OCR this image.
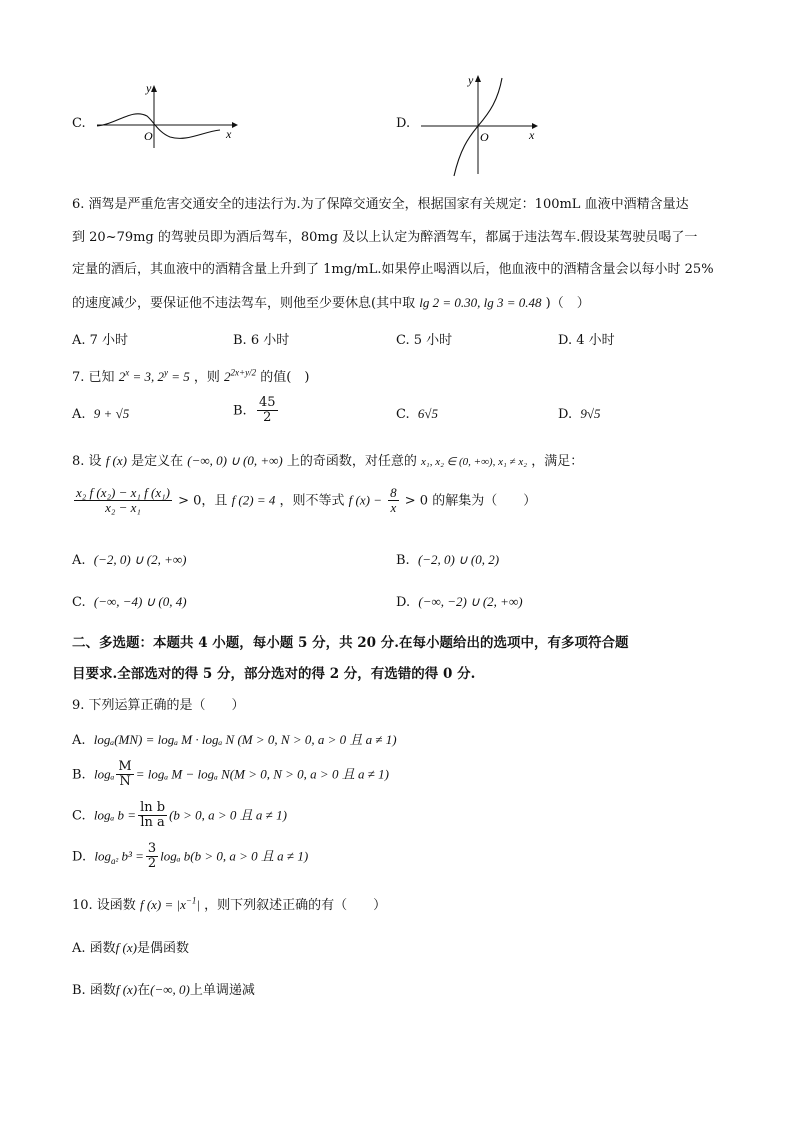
C.
y
O	x
D.
y
O	x
6. 酒驾是严重危害交通安全的违法行为.为了保障交通安全，根据国家有关规定：100mL 血液中酒精含量达
到 20~79mg 的驾驶员即为酒后驾车，80mg 及以上认定为醉酒驾车，都属于违法驾车.假设某驾驶员喝了一
定量的酒后，其血液中的酒精含量上升到了 1mg/mL.如果停止喝酒以后，他血液中的酒精含量会以每小时 25%
的速度减少，要保证他不违法驾车，则他至少要休息(其中取 lg 2 = 0.30, lg 3 = 0.48 )（　）
A. 7 小时	B. 6 小时	C. 5 小时	D. 4 小时
7. 已知 $2^x = 3$, $2^y = 5$ ，则 $2^{2x+y/2}$ 的值(　)
A. 9 + √5	B. $\frac{45}{2}$	C. 6√5	D. 9√5
8. 设 f (x) 是定义在 (−∞, 0) ∪ (0, +∞) 上的奇函数，对任意的 x₁, x₂ ∈ (0, +∞), x₁ ≠ x₂ ，满足：
$\frac{\text{x₂ f (x₂) − x₁ f (x₁)}}{\text{x₂ − x₁}} > 0$，且 f (2) = 4 ，则不等式 f $(x) - \frac{8}{x} > 0$ 的解集为（　　）
A. (−2, 0) ∪ (2, +∞)	B. (−2, 0) ∪ (0, 2)
C. (−∞, −4) ∪ (0, 4)	D. (−∞, −2) ∪ (2, +∞)
二、多选题：本题共 4 小题，每小题 5 分，共 20 分.在每小题给出的选项中，有多项符合题
目要求.全部选对的得 5 分，部分选对的得 2 分，有选错的得 0 分.
9. 下列运算正确的是（　　）
A. logₐ(MN) = logₐ M · logₐ N (M > 0, N > 0, a > 0 且 a ≠ 1)
B. logₐ $\frac{M}{N} = \log_a$ M − logₐ N(M > 0, N > 0, a > 0 且 a ≠ 1)
C. logₐ $b = \frac{\text{ln b}}{\text{ln a}} (b > 0$, a > 0 且 a ≠ 1)
D. $\log_{a^2} b^3 = \frac{3}{2}$ logₐ b(b > 0, a > 0 且 a ≠ 1)
10. 设函数 f $(x) = |x^{-1}|$ ，则下列叙述正确的有（　　）
A. 函数f (x)是偶函数
B. 函数f (x)在(−∞, 0)上单调递减
